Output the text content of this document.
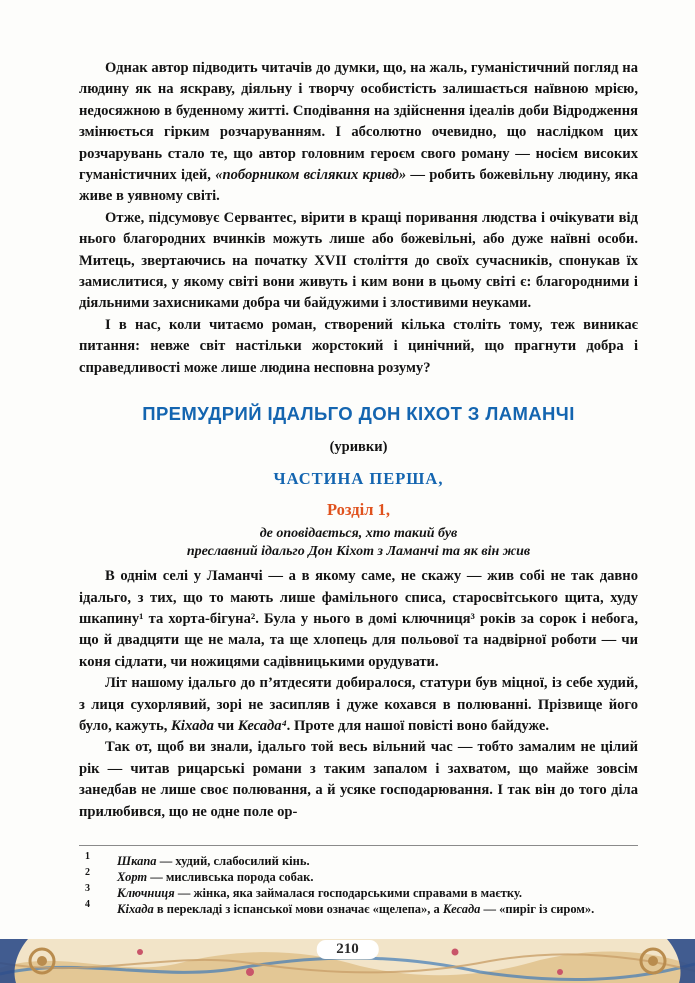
Однак автор підводить читачів до думки, що, на жаль, гуманістичний погляд на людину як на яскраву, діяльну і творчу особистість залишається наївною мрією, недосяжною в буденному житті. Сподівання на здійснення ідеалів доби Відродження змінюється гірким розчаруванням. І абсолютно очевидно, що наслідком цих розчарувань стало те, що автор головним героєм свого роману — носієм високих гуманістичних ідей, «поборником всіляких кривд» — робить божевільну людину, яка живе в уявному світі.

Отже, підсумовує Сервантес, вірити в кращі поривання людства і очікувати від нього благородних вчинків можуть лише або божевільні, або дуже наївні особи. Митець, звертаючись на початку XVII століття до своїх сучасників, спонукав їх замислитися, у якому світі вони живуть і ким вони в цьому світі є: благородними і діяльними захисниками добра чи байдужими і злостивими неуками.

І в нас, коли читаємо роман, створений кілька століть тому, теж виникає питання: невже світ настільки жорстокий і цинічний, що прагнути добра і справедливості може лише людина несповна розуму?

ПРЕМУДРИЙ ІДАЛЬГО ДОН КІХОТ З ЛАМАНЧІ
(уривки)
ЧАСТИНА ПЕРША,
Розділ 1,
де оповідається, хто такий був
преславний ідальго Дон Кіхот з Ламанчі та як він жив

В однім селі у Ламанчі — а в якому саме, не скажу — жив собі не так давно ідальго, з тих, що то мають лише фамільного списа, старосвітського щита, худу шкапину¹ та хорта-бігуна². Була у нього в домі ключниця³ років за сорок і небога, що й двадцяти ще не мала, та ще хлопець для польової та надвірної роботи — чи коня сідлати, чи ножицями садівницькими орудувати.

Літ нашому ідальго до п’ятдесяти добиралося, статури був міцної, із себе худий, з лиця сухорлявий, зорі не засипляв і дуже кохався в полюванні. Прізвище його було, кажуть, Кіхада чи Кесада⁴. Проте для нашої повісті воно байдуже.

Так от, щоб ви знали, ідальго той весь вільний час — тобто замалим не цілий рік — читав рицарські романи з таким запалом і захватом, що майже зовсім занедбав не лише своє полювання, а й усяке господарювання. І так він до того діла прилюбився, що не одне поле ор-

1	Шкапа — худий, слабосилий кінь.
2	Хорт — мисливська порода собак.
3	Ключниця — жінка, яка займалася господарськими справами в маєтку.
4	Кіхада в перекладі з іспанської мови означає «щелепа», а Кесада — «пиріг із сиром».
210
